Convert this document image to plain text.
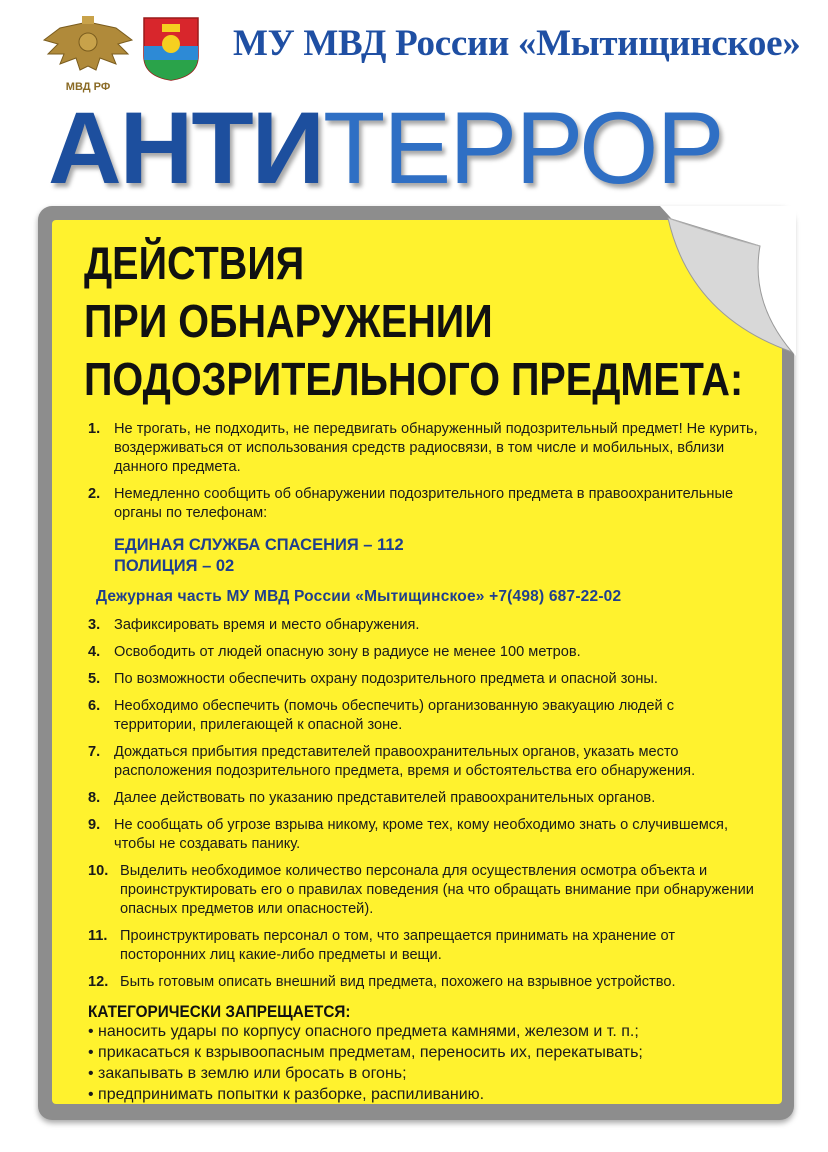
МВД РФ
МУ МВД России «Мытищинское»
АНТИТЕРРОР
ДЕЙСТВИЯ
ПРИ ОБНАРУЖЕНИИ
ПОДОЗРИТЕЛЬНОГО ПРЕДМЕТА:
1. Не трогать, не подходить, не передвигать обнаруженный подозрительный предмет! Не курить, воздерживаться от использования средств радиосвязи, в том числе и мобильных, вблизи данного предмета.
2. Немедленно сообщить об обнаружении подозрительного предмета в правоохранительные органы по телефонам:
ЕДИНАЯ СЛУЖБА СПАСЕНИЯ – 112
ПОЛИЦИЯ – 02
Дежурная часть МУ МВД России «Мытищинское» +7(498) 687-22-02
3. Зафиксировать время и место обнаружения.
4. Освободить от людей опасную зону в радиусе не менее 100 метров.
5. По возможности обеспечить охрану подозрительного предмета и опасной зоны.
6. Необходимо обеспечить (помочь обеспечить) организованную эвакуацию людей с территории, прилегающей к опасной зоне.
7. Дождаться прибытия представителей правоохранительных органов, указать место расположения подозрительного предмета, время и обстоятельства его обнаружения.
8. Далее действовать по указанию представителей правоохранительных органов.
9. Не сообщать об угрозе взрыва никому, кроме тех, кому необходимо знать о случившемся, чтобы не создавать панику.
10. Выделить необходимое количество персонала для осуществления осмотра объекта и проинструктировать его о правилах поведения (на что обращать внимание при обнаружении опасных предметов или опасностей).
11. Проинструктировать персонал о том, что запрещается принимать на хранение от посторонних лиц какие-либо предметы и вещи.
12. Быть готовым описать внешний вид предмета, похожего на взрывное устройство.
КАТЕГОРИЧЕСКИ ЗАПРЕЩАЕТСЯ:
• наносить удары по корпусу опасного предмета камнями, железом и т. п.;
• прикасаться к взрывоопасным предметам, переносить их, перекатывать;
• закапывать в землю или бросать в огонь;
• предпринимать попытки к разборке, распиливанию.
